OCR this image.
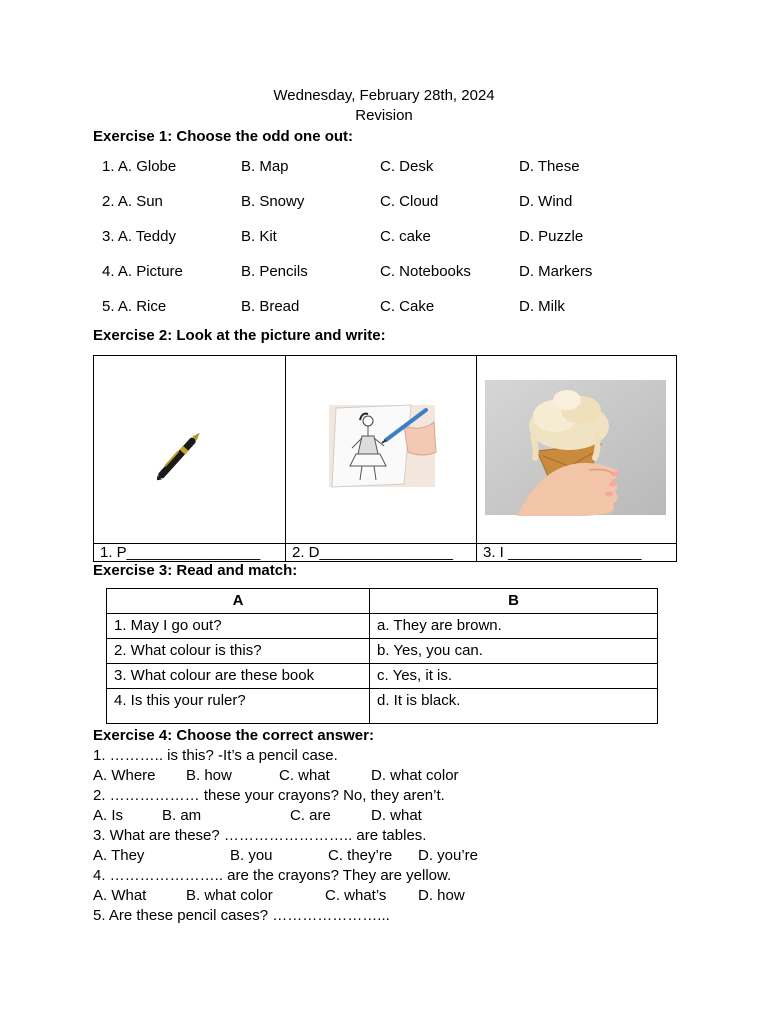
Wednesday, February 28th, 2024
Revision
Exercise 1: Choose the odd one out:
1. A. Globe	B. Map	C. Desk	D. These
2. A. Sun	B. Snowy	C. Cloud	D. Wind
3. A. Teddy	B. Kit	C. cake	D. Puzzle
4. A. Picture	B. Pencils	C. Notebooks	D. Markers
5. A. Rice	B. Bread	C. Cake	D. Milk
Exercise 2: Look at the picture and write:

1. P________________	2. D________________	3. I ________________
Exercise 3: Read and match:
A	B
1. May I go out?	a. They are brown.
2. What colour is this?	b. Yes, you can.
3. What colour are these book	c. Yes, it is.
4. Is this your ruler?	d. It is black.
Exercise 4: Choose the correct answer:
1. ……….. is this? -It’s a pencil case.
A. Where B. how	C. what	D. what color
2. ……………… these your crayons? No, they aren’t.
A. Is	B. am	C. are	D. what
3. What are these? …………………….. are tables.
A. They	B. you	C. they’re D. you’re
4. ………………….. are the crayons? They are yellow.
A. What	B. what color	C. what’s D. how
5. Are these pencil cases? …………………...
